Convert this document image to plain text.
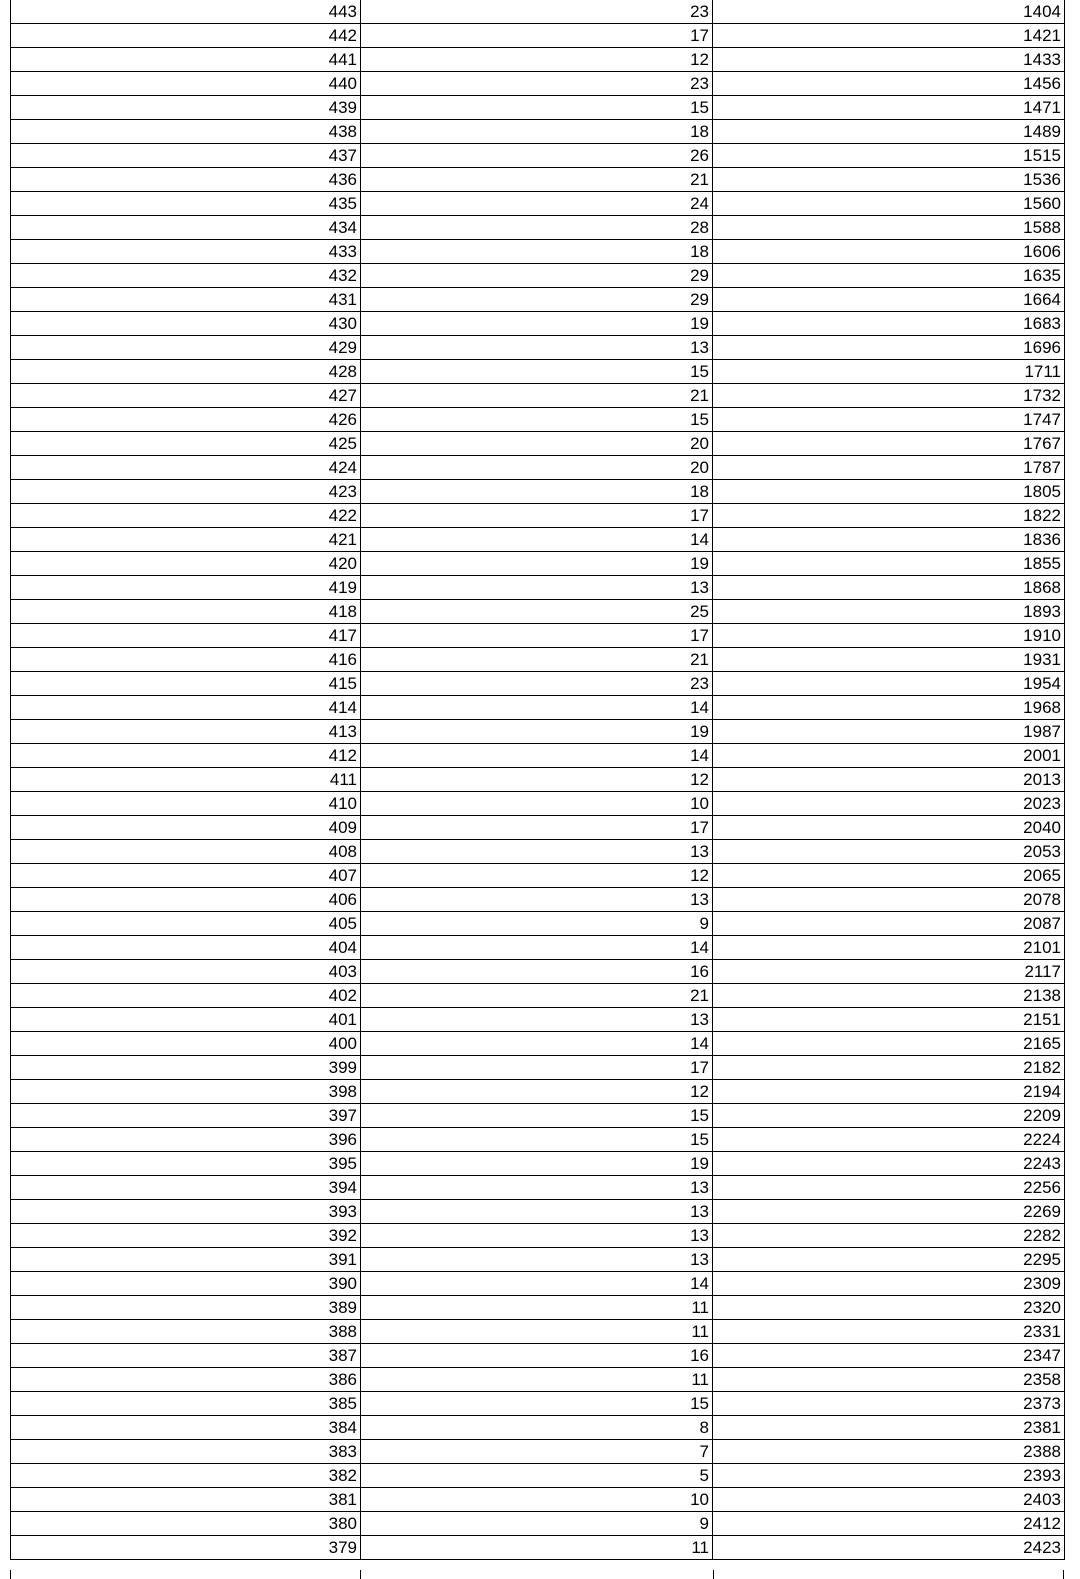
443	23	1404
442	17	1421
441	12	1433
440	23	1456
439	15	1471
438	18	1489
437	26	1515
436	21	1536
435	24	1560
434	28	1588
433	18	1606
432	29	1635
431	29	1664
430	19	1683
429	13	1696
428	15	1711
427	21	1732
426	15	1747
425	20	1767
424	20	1787
423	18	1805
422	17	1822
421	14	1836
420	19	1855
419	13	1868
418	25	1893
417	17	1910
416	21	1931
415	23	1954
414	14	1968
413	19	1987
412	14	2001
411	12	2013
410	10	2023
409	17	2040
408	13	2053
407	12	2065
406	13	2078
405	9	2087
404	14	2101
403	16	2117
402	21	2138
401	13	2151
400	14	2165
399	17	2182
398	12	2194
397	15	2209
396	15	2224
395	19	2243
394	13	2256
393	13	2269
392	13	2282
391	13	2295
390	14	2309
389	11	2320
388	11	2331
387	16	2347
386	11	2358
385	15	2373
384	8	2381
383	7	2388
382	5	2393
381	10	2403
380	9	2412
379	11	2423
